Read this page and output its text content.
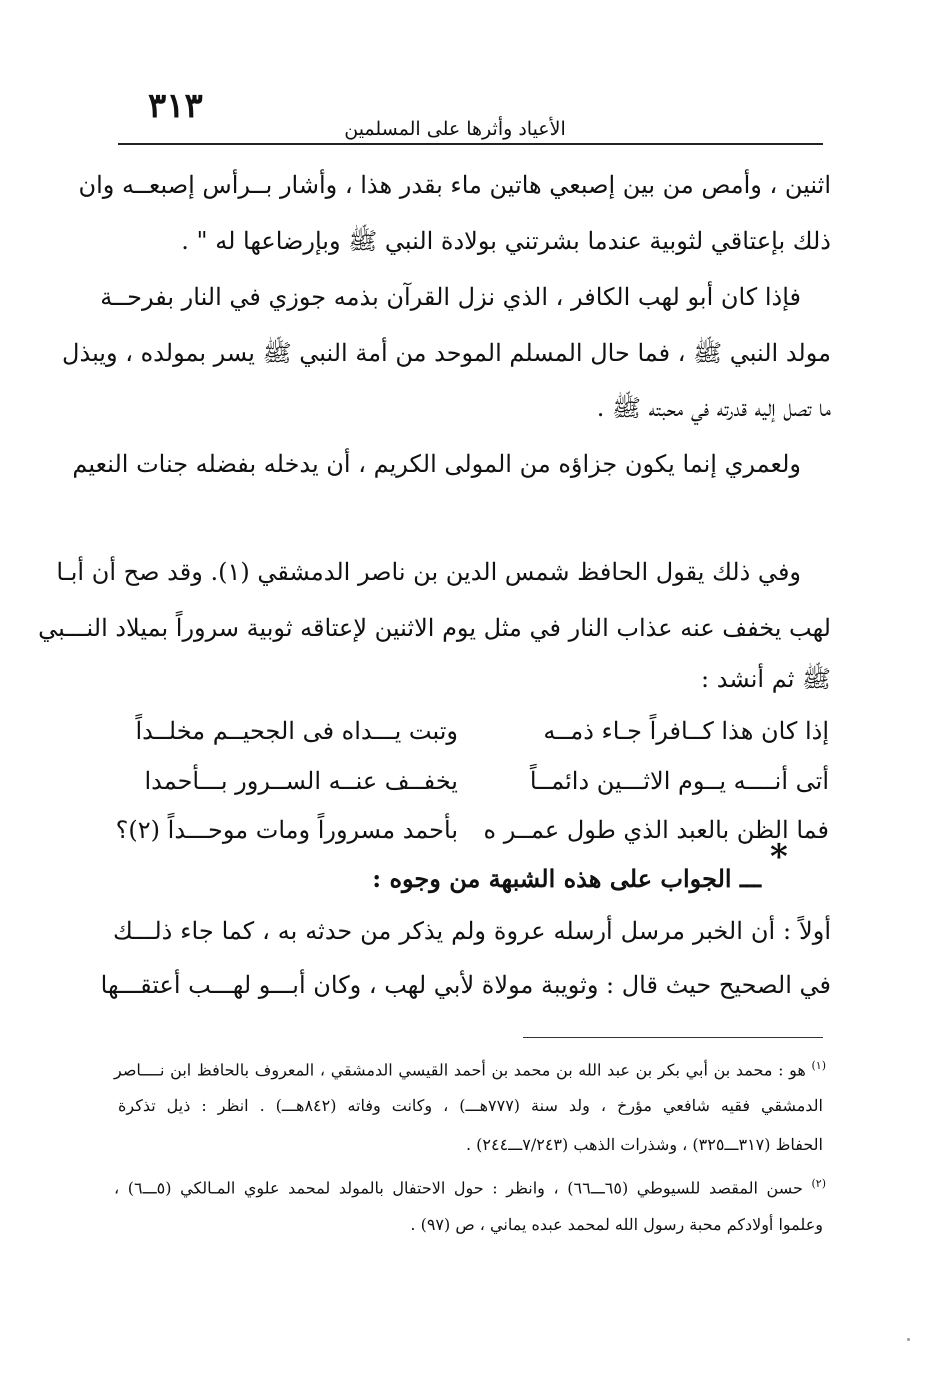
٣١٣
الأعياد وأثرها على المسلمين
اثنين ، وأمص من بين إصبعي هاتين ماء بقدر هذا ، وأشار بــرأس إصبعــه وان
ذلك بإعتاقي لثوبية عندما بشرتني بولادة النبي ﷺ وبإرضاعها له " .
فإذا كان أبو لهب الكافر ، الذي نزل القرآن بذمه جوزي في النار بفرحــة
مولد النبي ﷺ ، فما حال المسلم الموحد من أمة النبي ﷺ يسر بمولده ، ويبذل
ما تصل إليه قدرته في محبته ﷺ .
ولعمري إنما يكون جزاؤه من المولى الكريم ، أن يدخله بفضله جنات النعيم
وفي ذلك يقول الحافظ شمس الدين بن ناصر الدمشقي (١). وقد صح أن أبـا
لهب يخفف عنه عذاب النار في مثل يوم الاثنين لإعتاقه ثوبية سروراً بميلاد النـــبي
ﷺ ثم أنشد :
إذا كان هذا كــافراً جـاء ذمــه
وتبت يـــداه فى الجحيــم مخلــداً
أتى أنــــه يــوم الاثـــين دائمــاً
يخفــف عنــه الســرور بـــأحمدا
فما الظن بالعبد الذي طول عمــر ه
بأحمد مسروراً ومات موحـــداً (٢)؟
*
ـــ الجواب على هذه الشبهة من وجوه :
أولاً : أن الخبر مرسل أرسله عروة ولم يذكر من حدثه به ، كما جاء ذلـــك
في الصحيح حيث قال : وثويبة مولاة لأبي لهب ، وكان أبـــو لهـــب أعتقـــها
$^{(١)}$ هو : محمد بن أبي بكر بن عبد الله بن محمد بن أحمد القيسي الدمشقي ، المعروف بالحافظ ابن نــــاصر
الدمشقي فقيه شافعي مؤرخ ، ولد سنة (٧٧٧هـــ) ، وكانت وفاته (٨٤٢هـــ) . انظر : ذيل تذكرة
الحفاظ (٣١٧ـــ٣٢٥) ، وشذرات الذهب (٧/٢٤٣ـــ٢٤٤) .
$^{(٢)}$ حسن المقصد للسيوطي (٦٥ـــ٦٦) ، وانظر : حول الاحتفال بالمولد لمحمد علوي المـالكي (٥ـــ٦) ،
وعلموا أولادكم محبة رسول الله لمحمد عبده يماني ، ص (٩٧) .
